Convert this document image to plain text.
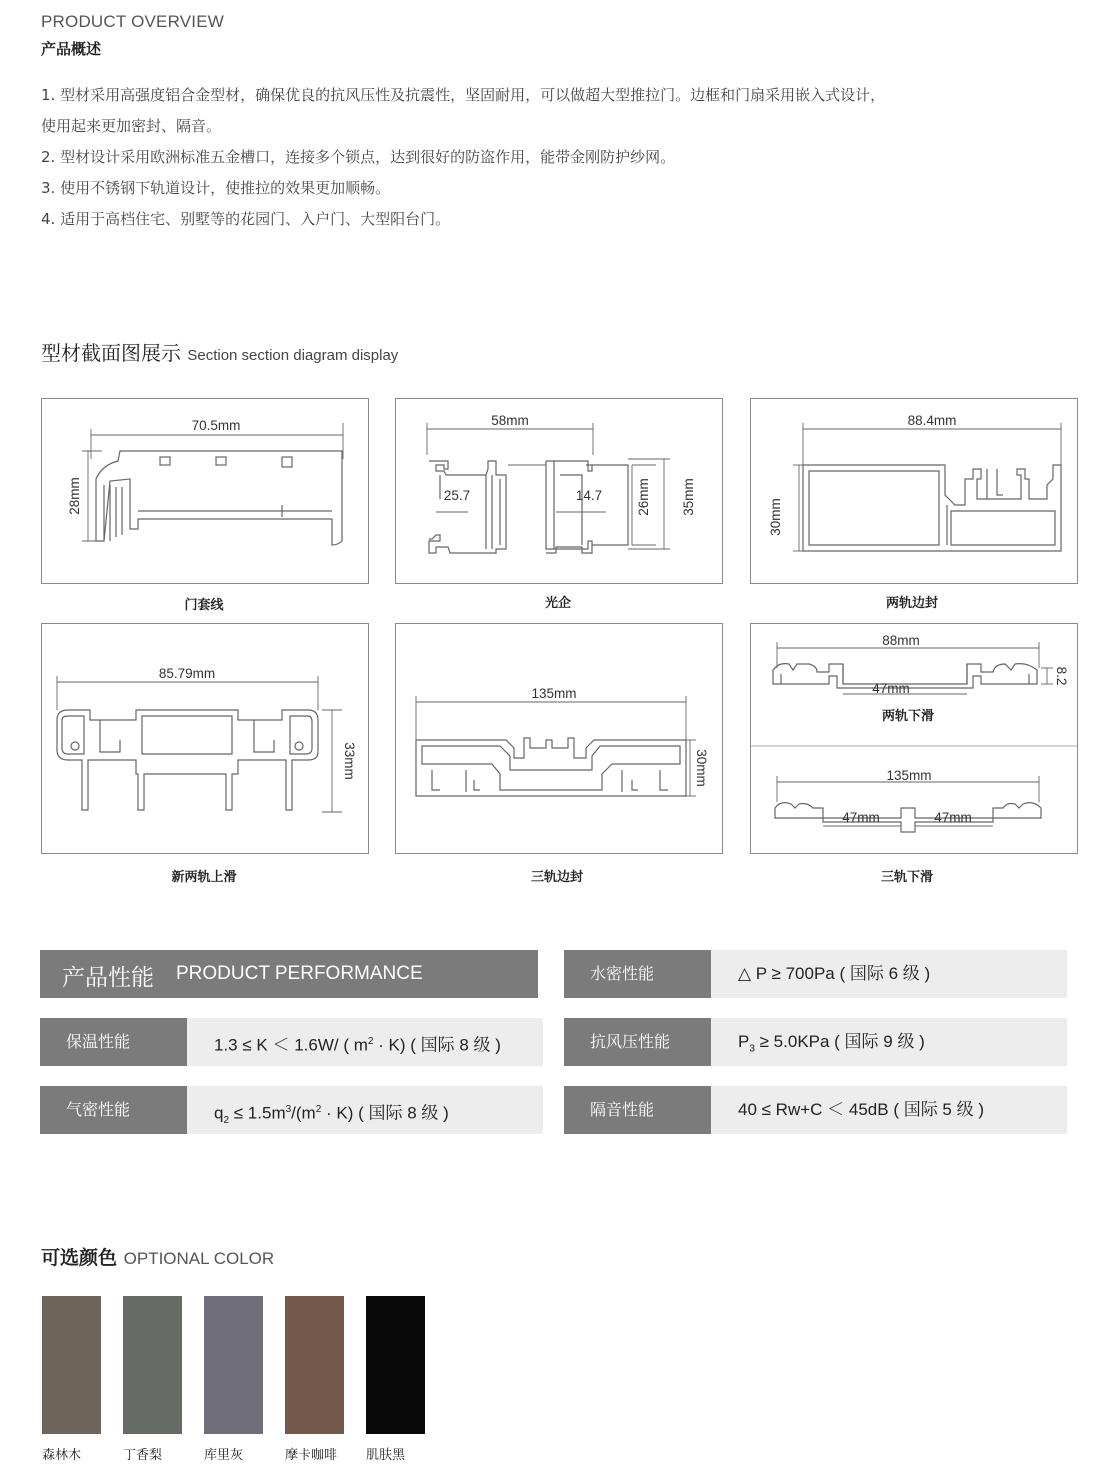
PRODUCT OVERVIEW
产品概述
1. 型材采用高强度铝合金型材，确保优良的抗风压性及抗震性，坚固耐用，可以做超大型推拉门。边框和门扇采用嵌入式设计，
使用起来更加密封、隔音。
2. 型材设计采用欧洲标准五金槽口，连接多个锁点，达到很好的防盗作用，能带金刚防护纱网。
3. 使用不锈钢下轨道设计，使推拉的效果更加顺畅。
4. 适用于高档住宅、别墅等的花园门、入户门、大型阳台门。
型材截面图展示 Section section diagram display
70.5mm
28mm
门套线
58mm
25.7	14.7	26mm 35mm
光企
88.4mm
30mm
两轨边封
85.79mm
33mm
新两轨上滑
135mm
30mm
三轨边封
88mm
47mm
8.2
两轨下滑
135mm
47mm	47mm
三轨下滑
产品性能 PRODUCT PERFORMANCE	水密性能	△ P ≥ 700Pa ( 国际 6 级 )
保温性能	1.3 ≤ K ＜ 1.6W/ ( $m^2 \cdot K$) ( 国际 8 级 )	抗风压性能	$P_3 \ge 5.0KPa$ ( 国际 9 级 )
气密性能	$q_2 \le 1.5m^3/(m^2 \cdot K)$ ( 国际 8 级 )	隔音性能	40 ≤ Rw+C ＜ 45dB ( 国际 5 级 )
可选颜色 OPTIONAL COLOR
森林木	丁香梨	库里灰	摩卡咖啡 肌肤黑
